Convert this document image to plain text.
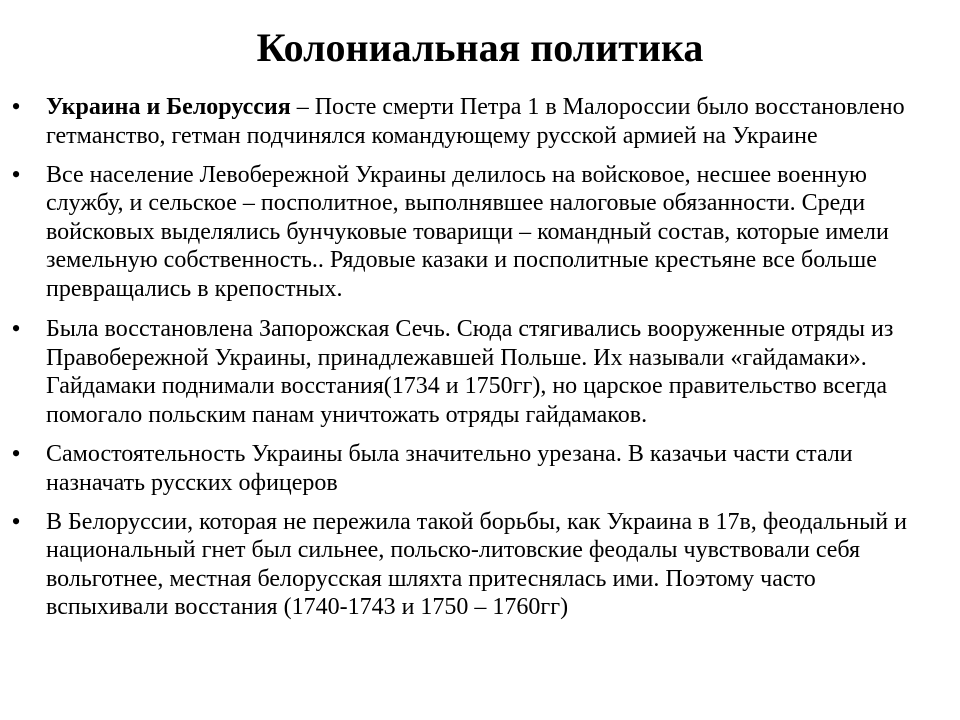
Колониальная политика
• Украина и Белоруссия – Посте смерти Петра 1 в Малороссии было восстановлено гетманство, гетман подчинялся командующему русской армией на Украине
• Все население Левобережной Украины делилось на войсковое, несшее военную службу, и сельское – посполитное, выполнявшее налоговые обязанности. Среди войсковых выделялись бунчуковые товарищи – командный состав, которые имели земельную собственность.. Рядовые казаки и посполитные крестьяне все больше превращались в крепостных.
• Была восстановлена Запорожская Сечь. Сюда стягивались вооруженные отряды из Правобережной Украины, принадлежавшей Польше. Их называли «гайдамаки». Гайдамаки поднимали восстания(1734 и 1750гг), но царское правительство всегда помогало польским панам уничтожать отряды гайдамаков.
• Самостоятельность Украины была значительно урезана. В казачьи части стали назначать русских офицеров
• В Белоруссии, которая не пережила такой борьбы, как Украина в 17в, феодальный и национальный гнет был сильнее, польско-литовские феодалы чувствовали себя вольготнее, местная белорусская шляхта притеснялась ими. Поэтому часто вспыхивали восстания (1740-1743 и 1750 – 1760гг)
